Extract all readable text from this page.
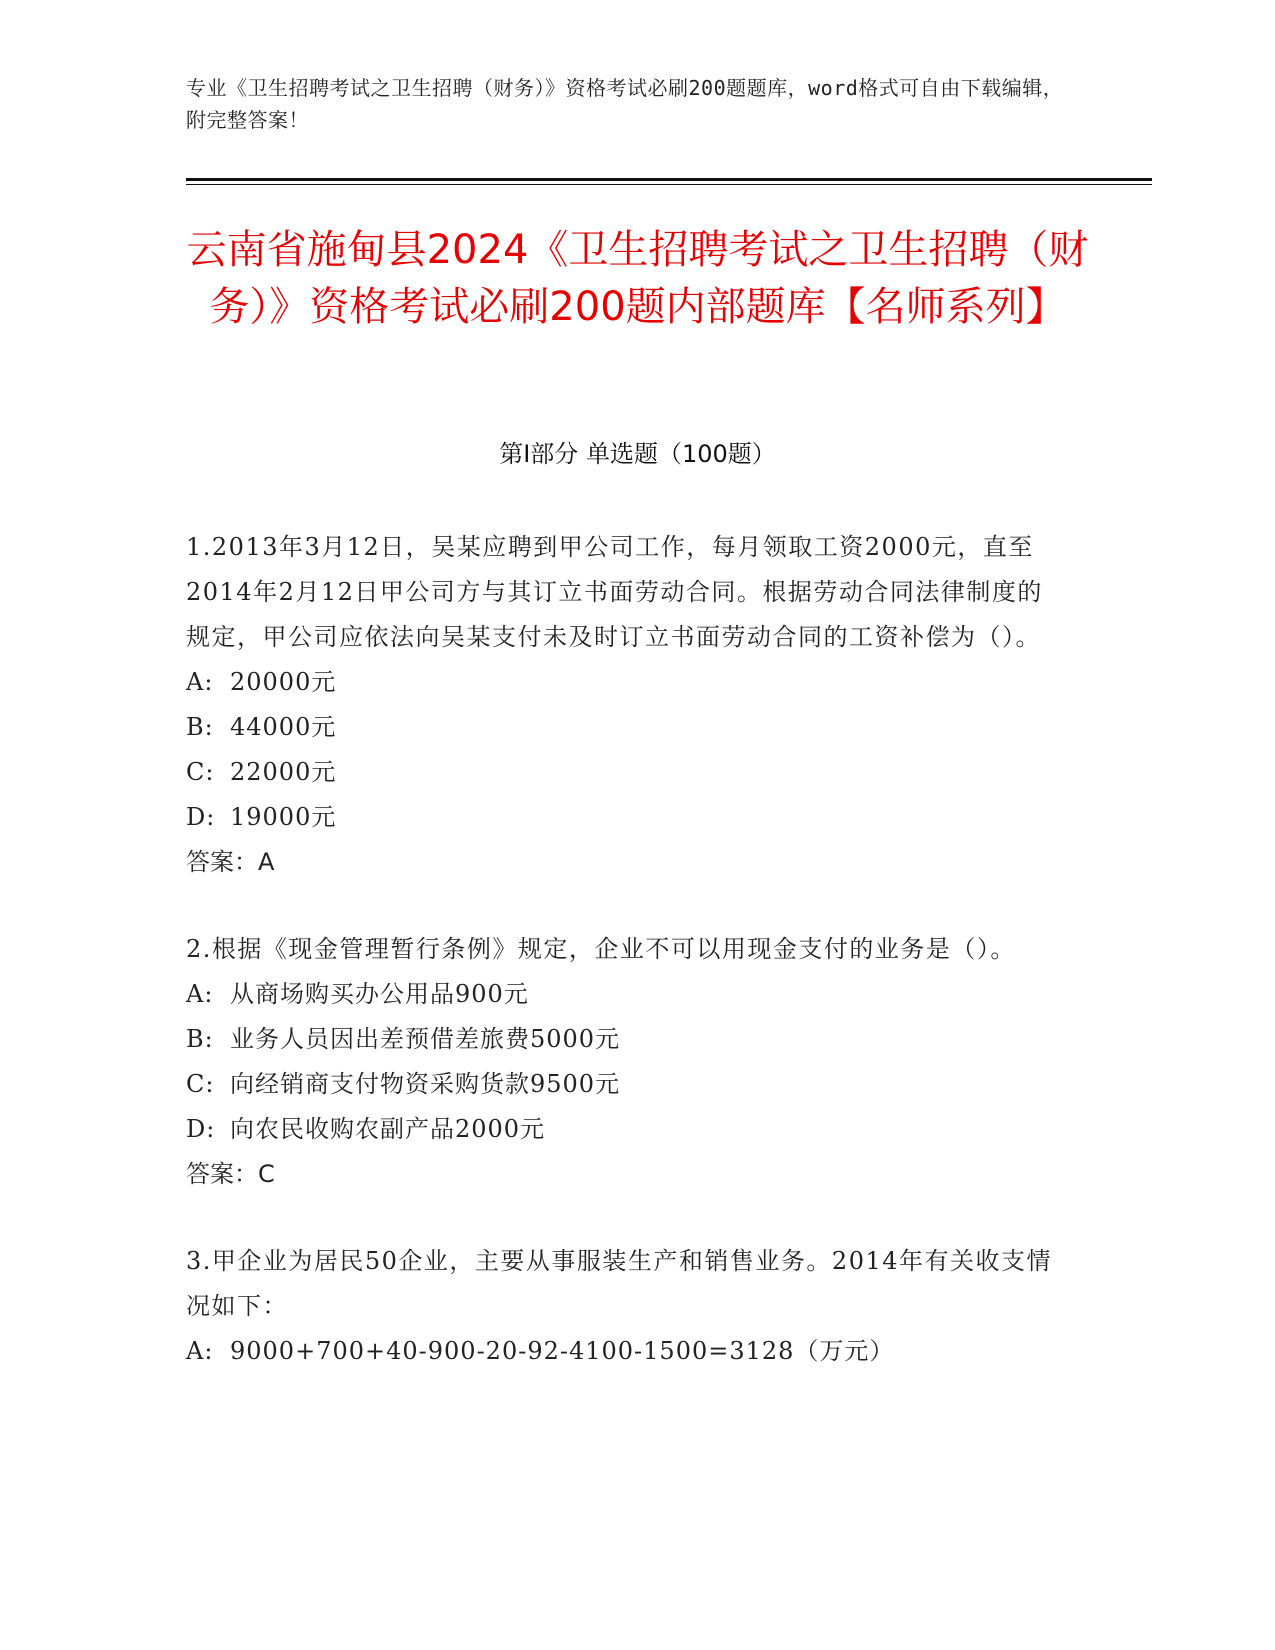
专业《卫生招聘考试之卫生招聘（财务）》资格考试必刷200题题库，word格式可自由下载编辑，附完整答案！
云南省施甸县2024《卫生招聘考试之卫生招聘（财务）》资格考试必刷200题内部题库【名师系列】
第Ⅰ部分 单选题（100题）

1.2013年3月12日，吴某应聘到甲公司工作，每月领取工资2000元，直至2014年2月12日甲公司方与其订立书面劳动合同。根据劳动合同法律制度的规定，甲公司应依法向吴某支付未及时订立书面劳动合同的工资补偿为（）。

A: 20000元

B: 44000元

C: 22000元

D: 19000元

答案：A

2.根据《现金管理暂行条例》规定，企业不可以用现金支付的业务是（）。

A: 从商场购买办公用品900元

B: 业务人员因出差预借差旅费5000元

C: 向经销商支付物资采购货款9500元

D: 向农民收购农副产品2000元

答案：C

3.甲企业为居民50企业，主要从事服装生产和销售业务。2014年有关收支情况如下：

A: 9000+700+40-900-20-92-4100-1500=3128（万元）
